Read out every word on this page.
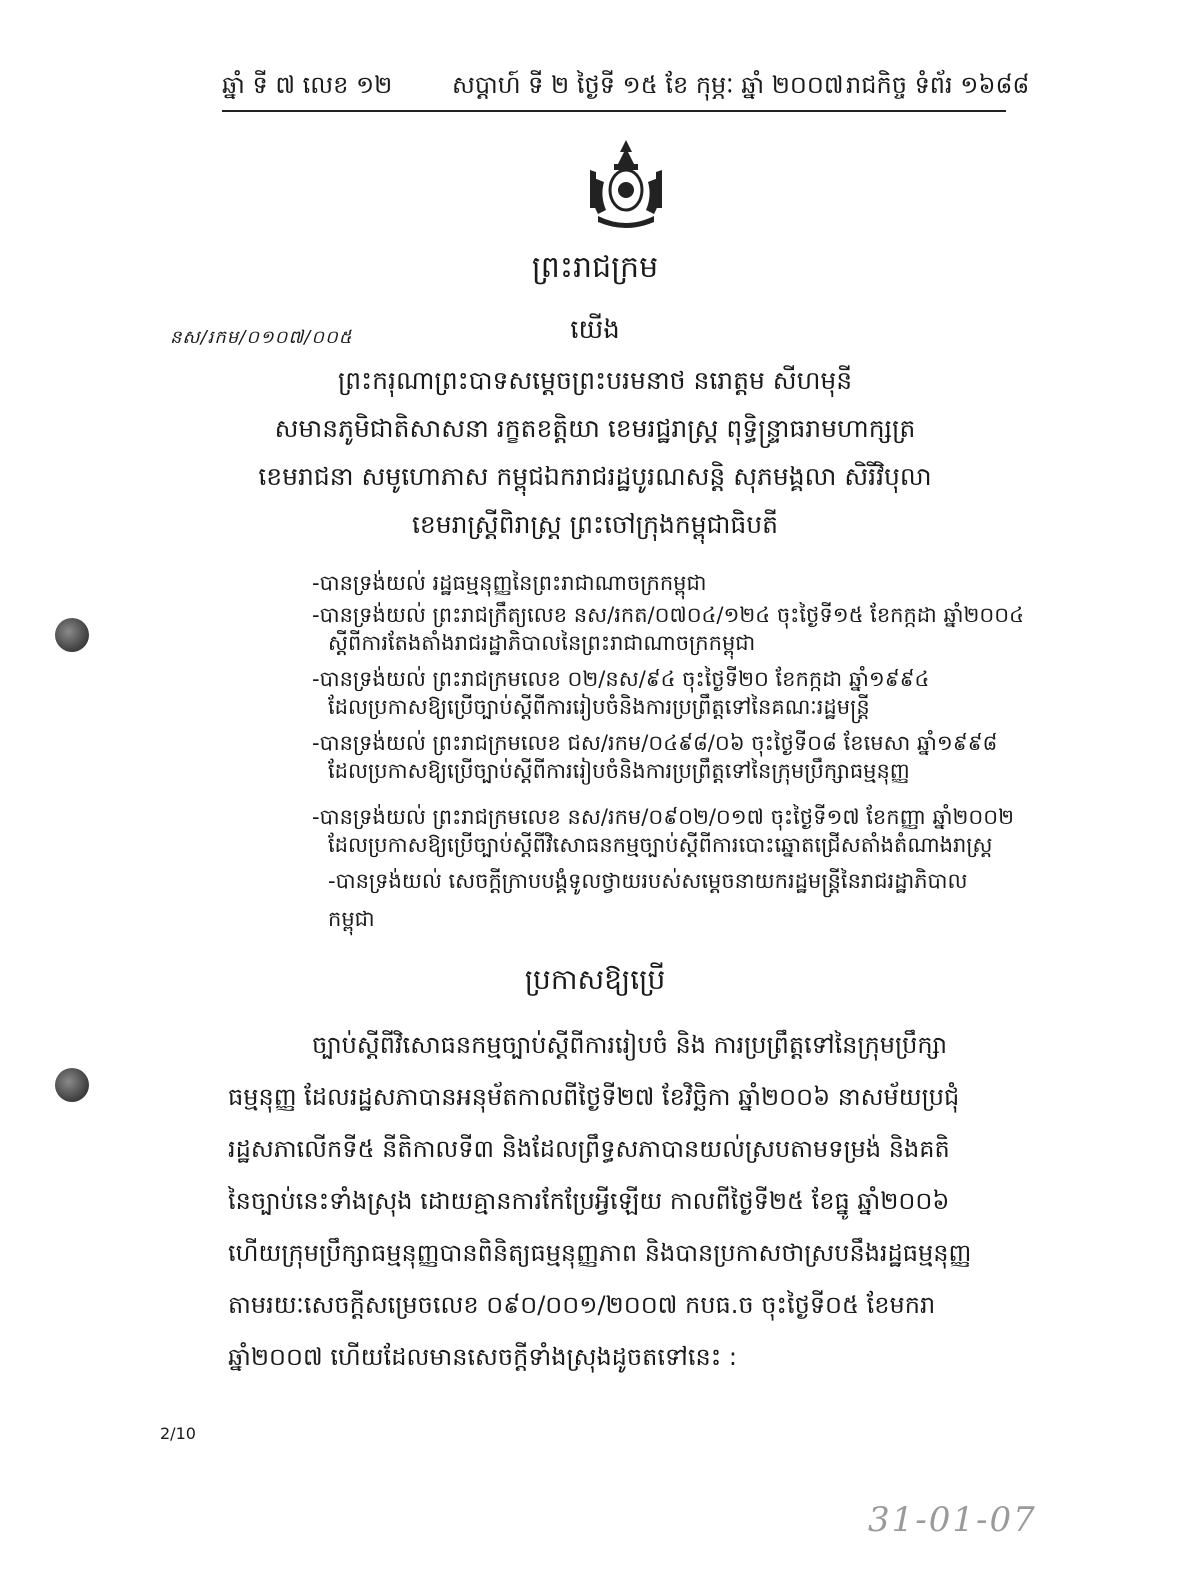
ឆ្នាំ ទី ៧ លេខ ១២ សប្តាហ៍ ទី ២ ថ្ងៃទី ១៥ ខែ កុម្ភៈ ឆ្នាំ ២០០៧ រាជកិច្ច ទំព័រ ១៦៨៨
ព្រះរាជក្រម
នស/រកម/០១០៧/០០៥	យើង
ព្រះករុណាព្រះបាទសម្តេចព្រះបរមនាថ នរោត្តម សីហមុនី
សមានភូមិជាតិសាសនា រក្ខតខត្តិយា ខេមរជ្ឋរាស្ត្រ ពុទ្ធិន្ទ្រាធរាមហាក្សត្រ
ខេមរាជនា សមូហោភាស កម្ពុជឯករាជរដ្ឋបូរណសន្តិ សុភមង្គលា សិរីវិបុលា
ខេមរាស្ត្រីពិរាស្ត្រ ព្រះចៅក្រុងកម្ពុជាធិបតី
-បានទ្រង់យល់ រដ្ឋធម្មនុញ្ញនៃព្រះរាជាណាចក្រកម្ពុជា
-បានទ្រង់យល់ ព្រះរាជក្រឹត្យលេខ នស/រកត/០៧០៤/១២៤ ចុះថ្ងៃទី១៥ ខែកក្កដា ឆ្នាំ២០០៤
ស្តីពីការតែងតាំងរាជរដ្ឋាភិបាលនៃព្រះរាជាណាចក្រកម្ពុជា
-បានទ្រង់យល់ ព្រះរាជក្រមលេខ ០២/នស/៩៤ ចុះថ្ងៃទី២០ ខែកក្កដា ឆ្នាំ១៩៩៤
ដែលប្រកាសឱ្យប្រើច្បាប់ស្តីពីការរៀបចំនិងការប្រព្រឹត្តទៅនៃគណៈរដ្ឋមន្ត្រី
-បានទ្រង់យល់ ព្រះរាជក្រមលេខ ជស/រកម/០៤៩៨/០៦ ចុះថ្ងៃទី០៨ ខែមេសា ឆ្នាំ១៩៩៨
ដែលប្រកាសឱ្យប្រើច្បាប់ស្តីពីការរៀបចំនិងការប្រព្រឹត្តទៅនៃក្រុមប្រឹក្សាធម្មនុញ្ញ
-បានទ្រង់យល់ ព្រះរាជក្រមលេខ នស/រកម/០៩០២/០១៧ ចុះថ្ងៃទី១៧ ខែកញ្ញា ឆ្នាំ២០០២
ដែលប្រកាសឱ្យប្រើច្បាប់ស្តីពីវិសោធនកម្មច្បាប់ស្តីពីការបោះឆ្នោតជ្រើសតាំងតំណាងរាស្ត្រ
-បានទ្រង់យល់ សេចក្តីក្រាបបង្គំទូលថ្វាយរបស់សម្តេចនាយករដ្ឋមន្ត្រីនៃរាជរដ្ឋាភិបាល
កម្ពុជា
ប្រកាសឱ្យប្រើ
ច្បាប់ស្តីពីវិសោធនកម្មច្បាប់ស្តីពីការរៀបចំ និង ការប្រព្រឹត្តទៅនៃក្រុមប្រឹក្សា
ធម្មនុញ្ញ ដែលរដ្ឋសភាបានអនុម័តកាលពីថ្ងៃទី២៧ ខែវិច្ឆិកា ឆ្នាំ២០០៦ នាសម័យប្រជុំ
រដ្ឋសភាលើកទី៥ នីតិកាលទី៣ និងដែលព្រឹទ្ធសភាបានយល់ស្របតាមទម្រង់ និងគតិ
នៃច្បាប់នេះទាំងស្រុង ដោយគ្មានការកែប្រែអ្វីឡើយ កាលពីថ្ងៃទី២៥ ខែធ្នូ ឆ្នាំ២០០៦
ហើយក្រុមប្រឹក្សាធម្មនុញ្ញបានពិនិត្យធម្មនុញ្ញភាព និងបានប្រកាសថាស្របនឹងរដ្ឋធម្មនុញ្ញ
តាមរយៈសេចក្តីសម្រេចលេខ ០៩០/០០១/២០០៧ កបធ.ច ចុះថ្ងៃទី០៥ ខែមករា
ឆ្នាំ២០០៧ ហើយដែលមានសេចក្តីទាំងស្រុងដូចតទៅនេះ :
2/10
31-01-07
